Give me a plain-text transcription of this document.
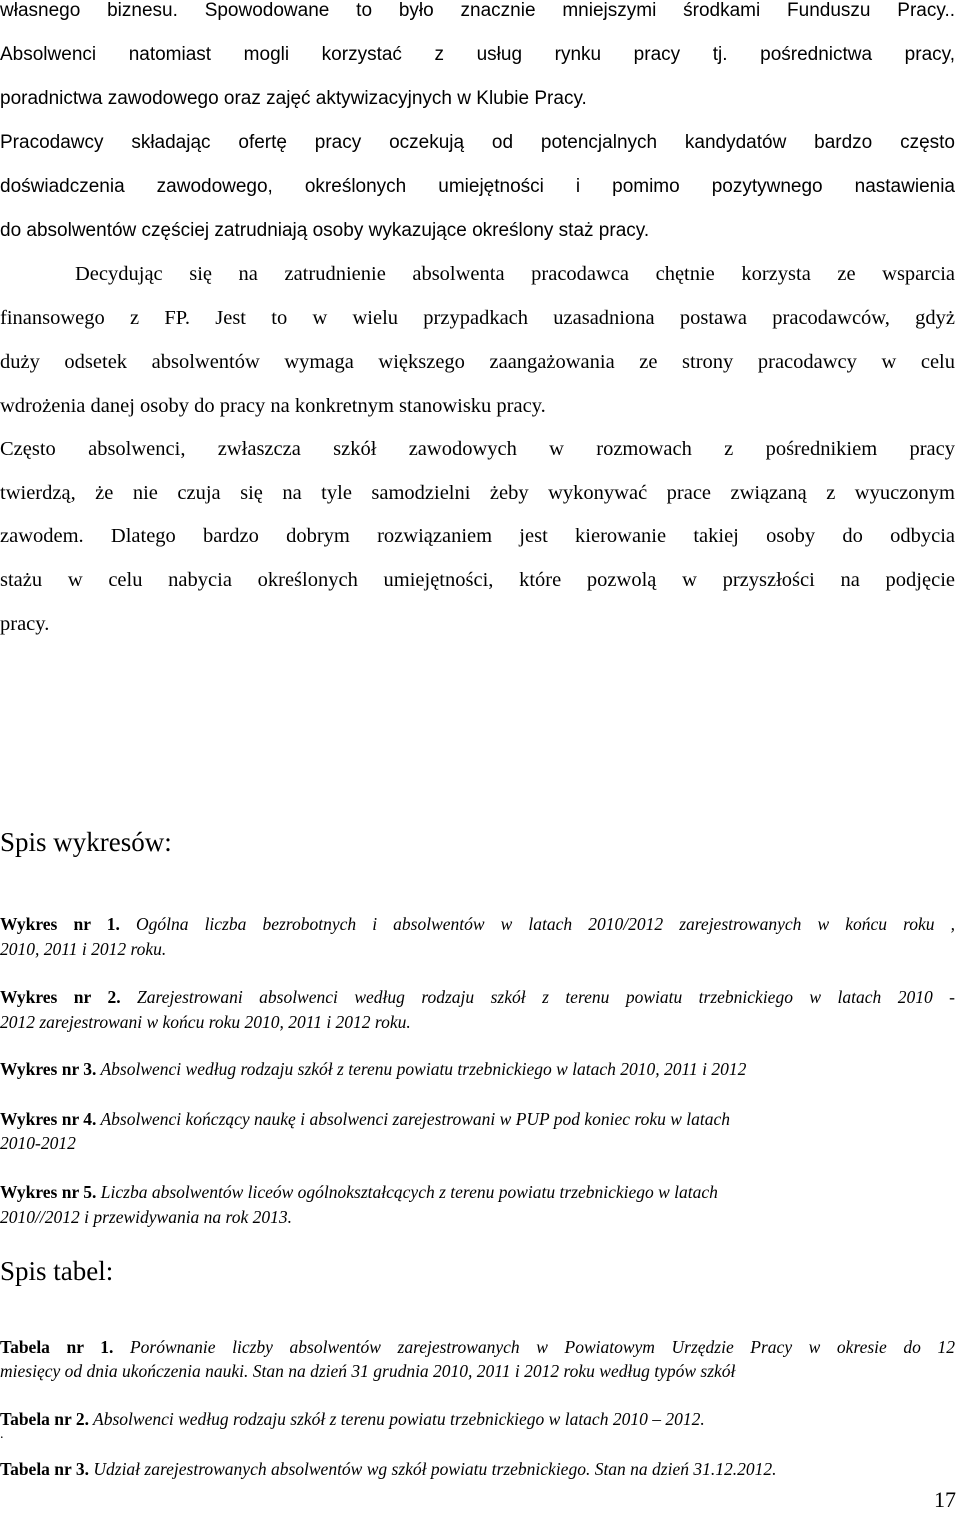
własnego biznesu. Spowodowane to było znacznie mniejszymi środkami Funduszu Pracy..
Absolwenci natomiast mogli korzystać z usług rynku pracy tj. pośrednictwa pracy,
poradnictwa zawodowego oraz zajęć aktywizacyjnych w Klubie Pracy.
Pracodawcy składając ofertę pracy oczekują od potencjalnych kandydatów bardzo często
doświadczenia zawodowego, określonych umiejętności i pomimo pozytywnego nastawienia
do absolwentów częściej zatrudniają osoby wykazujące określony staż pracy.
Decydując się na zatrudnienie absolwenta pracodawca chętnie korzysta ze wsparcia
finansowego z FP. Jest to w wielu przypadkach uzasadniona postawa pracodawców, gdyż
duży odsetek absolwentów wymaga większego zaangażowania ze strony pracodawcy w celu
wdrożenia danej osoby do pracy na konkretnym stanowisku pracy.
Często absolwenci, zwłaszcza szkół zawodowych w rozmowach z pośrednikiem pracy
twierdzą, że nie czuja się na tyle samodzielni żeby wykonywać prace związaną z wyuczonym
zawodem. Dlatego bardzo dobrym rozwiązaniem jest kierowanie takiej osoby do odbycia
stażu w celu nabycia określonych umiejętności, które pozwolą w przyszłości na podjęcie
pracy.
Spis wykresów:
Wykres nr 1. Ogólna liczba bezrobotnych i absolwentów w latach 2010/2012 zarejestrowanych w końcu roku ,
2010, 2011 i 2012 roku.
Wykres nr 2. Zarejestrowani absolwenci według rodzaju szkół z terenu powiatu trzebnickiego w latach 2010 -
2012 zarejestrowani w końcu roku 2010, 2011 i 2012 roku.
Wykres nr 3. Absolwenci według rodzaju szkół z terenu powiatu trzebnickiego w latach 2010, 2011 i 2012
Wykres nr 4. Absolwenci kończący naukę i absolwenci zarejestrowani w PUP pod koniec roku w latach
2010-2012
Wykres nr 5. Liczba absolwentów liceów ogólnokształcących z terenu powiatu trzebnickiego w latach
2010//2012 i przewidywania na rok 2013.
Spis tabel:
Tabela nr 1. Porównanie liczby absolwentów zarejestrowanych w Powiatowym Urzędzie Pracy w okresie do 12
miesięcy od dnia ukończenia nauki. Stan na dzień 31 grudnia 2010, 2011 i 2012 roku według typów szkół
Tabela nr 2. Absolwenci według rodzaju szkół z terenu powiatu trzebnickiego w latach 2010 – 2012.
.
Tabela nr 3. Udział zarejestrowanych absolwentów wg szkół powiatu trzebnickiego. Stan na dzień 31.12.2012.
17
